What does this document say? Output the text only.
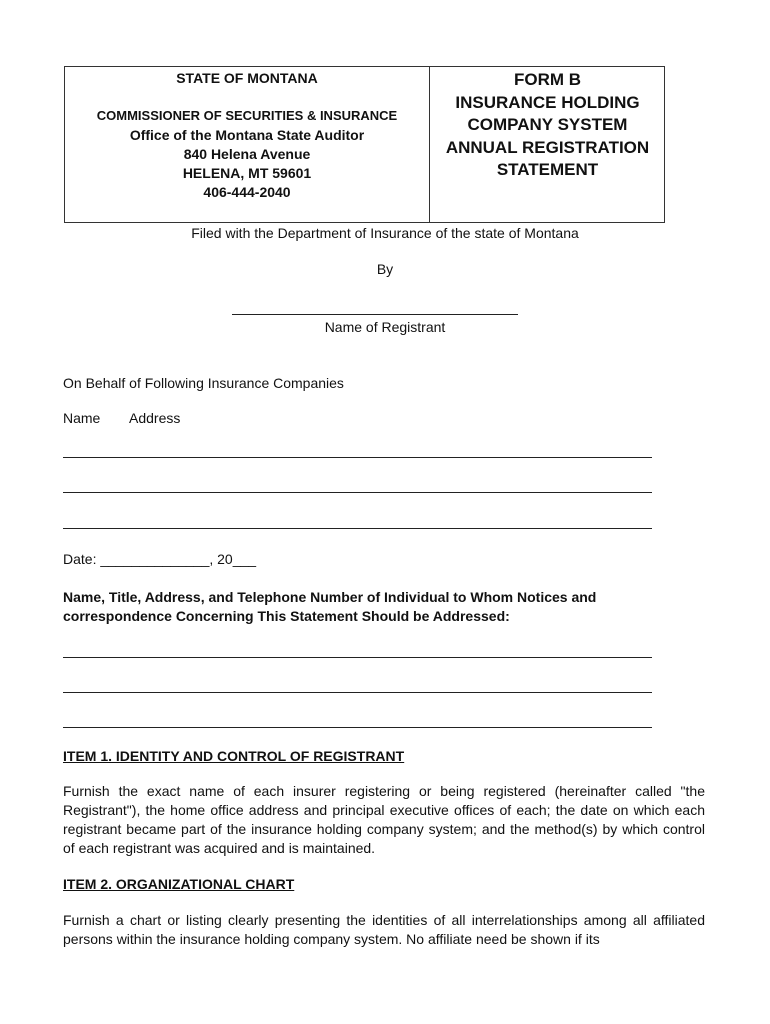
STATE OF MONTANA
COMMISSIONER OF SECURITIES & INSURANCE
Office of the Montana State Auditor
840 Helena Avenue
HELENA, MT 59601
406-444-2040
FORM B
INSURANCE HOLDING
COMPANY SYSTEM
ANNUAL REGISTRATION
STATEMENT
Filed with the Department of Insurance of the state of Montana
By
Name of Registrant
On Behalf of Following Insurance Companies
Name Address
Date: ______________, 20___
Name, Title, Address, and Telephone Number of Individual to Whom Notices and correspondence Concerning This Statement Should be Addressed:
ITEM 1. IDENTITY AND CONTROL OF REGISTRANT
Furnish the exact name of each insurer registering or being registered (hereinafter called "the Registrant"), the home office address and principal executive offices of each; the date on which each registrant became part of the insurance holding company system; and the method(s) by which control of each registrant was acquired and is maintained.
ITEM 2. ORGANIZATIONAL CHART
Furnish a chart or listing clearly presenting the identities of all interrelationships among all affiliated persons within the insurance holding company system. No affiliate need be shown if its
